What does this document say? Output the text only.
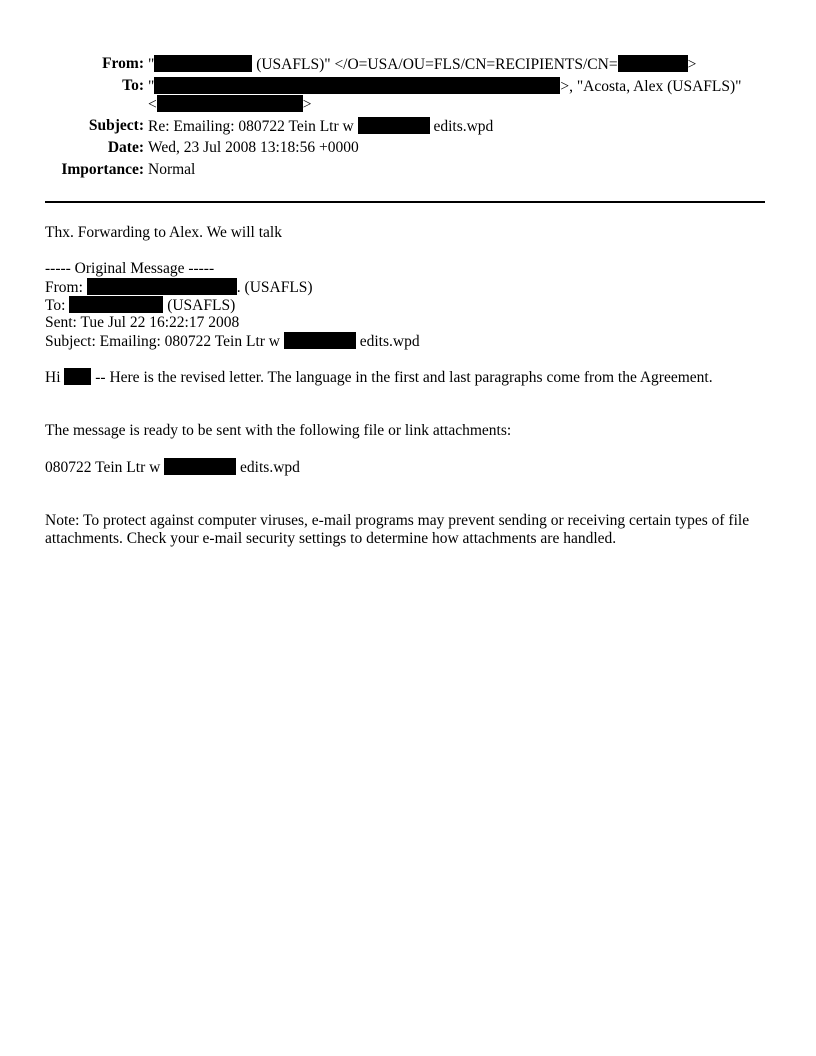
From: "	(USAFLS)" </O=USA/OU=FLS/CN=RECIPIENTS/CN=	>
To: "	>, "Acosta, Alex (USAFLS)"
<	>
Subject: Re: Emailing: 080722 Tein Ltr w	edits.wpd
Date: Wed, 23 Jul 2008 13:18:56 +0000
Importance: Normal
Thx. Forwarding to Alex. We will talk
----- Original Message -----
From:	. (USAFLS)
To:	(USAFLS)
Sent: Tue Jul 22 16:22:17 2008
Subject: Emailing: 080722 Tein Ltr w	edits.wpd
Hi  -- Here is the revised letter. The language in the first and last paragraphs come from the Agreement.
The message is ready to be sent with the following file or link attachments:
080722 Tein Ltr w	edits.wpd
Note: To protect against computer viruses, e-mail programs may prevent sending or receiving certain types of file attachments. Check your e-mail security settings to determine how attachments are handled.
